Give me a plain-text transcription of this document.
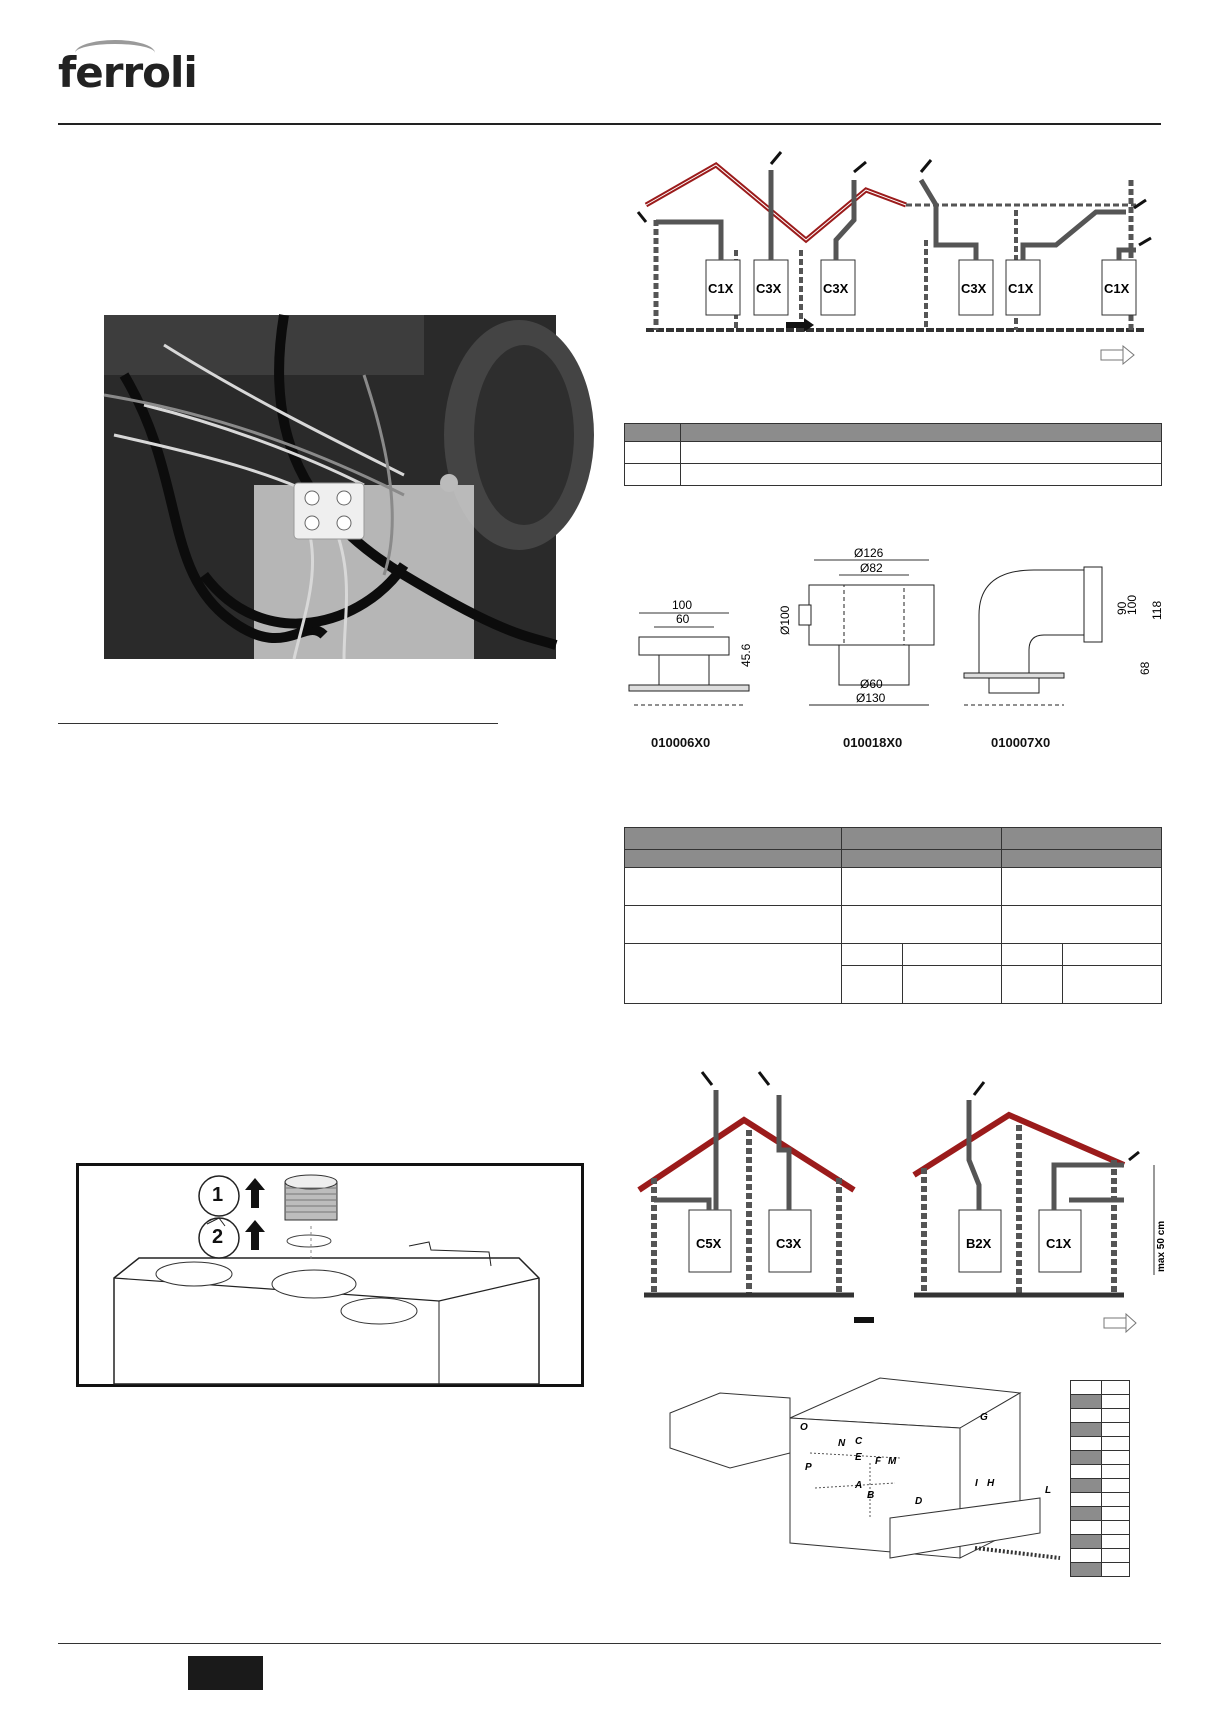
ferroli
1
2
C1X C3X	C3X	C3X C1X	C1X

100
60
45.6
Ø126
Ø82
Ø100
Ø60
Ø130
90
100 118
68
010006X0	010018X0	010007X0

C5X	C3X	max 50 cm
B2X	C1X
G
O
N C
M
E F
P
A
B
D
I H
L
